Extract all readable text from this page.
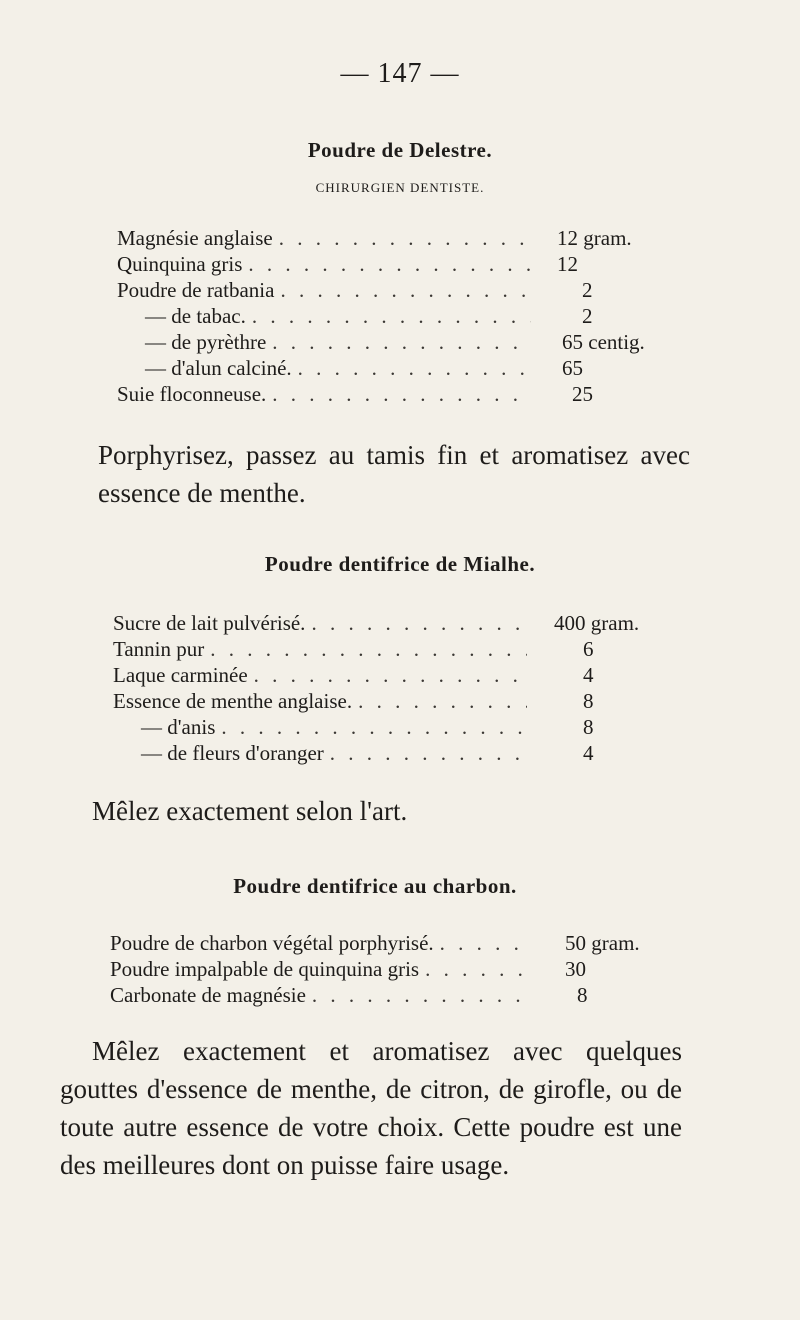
— 147 —
Poudre de Delestre.
CHIRURGIEN DENTISTE.
Magnésie anglaise . . .	12 gram.
Quinquina gris . . .	12
Poudre de ratbania . . .	2
— de tabac. . . .	2
— de pyrèthre . . .	65 centig.
— d'alun calciné. . . .	65
Suie floconneuse. . . .	25
Porphyrisez, passez au tamis fin et aromatisez avec essence de menthe.
Poudre dentifrice de Mialhe.
Sucre de lait pulvérisé. . . .	400 gram.
Tannin pur . . .	6
Laque carminée . . .	4
Essence de menthe anglaise. . . .	8
— d'anis . . .	8
— de fleurs d'oranger . . .	4
Mêlez exactement selon l'art.
Poudre dentifrice au charbon.
Poudre de charbon végétal porphyrisé. . . .	50 gram.
Poudre impalpable de quinquina gris . . .	30
Carbonate de magnésie . . .	8
Mêlez exactement et aromatisez avec quelques gouttes d'essence de menthe, de citron, de girofle, ou de toute autre essence de votre choix. Cette poudre est une des meilleures dont on puisse faire usage.
